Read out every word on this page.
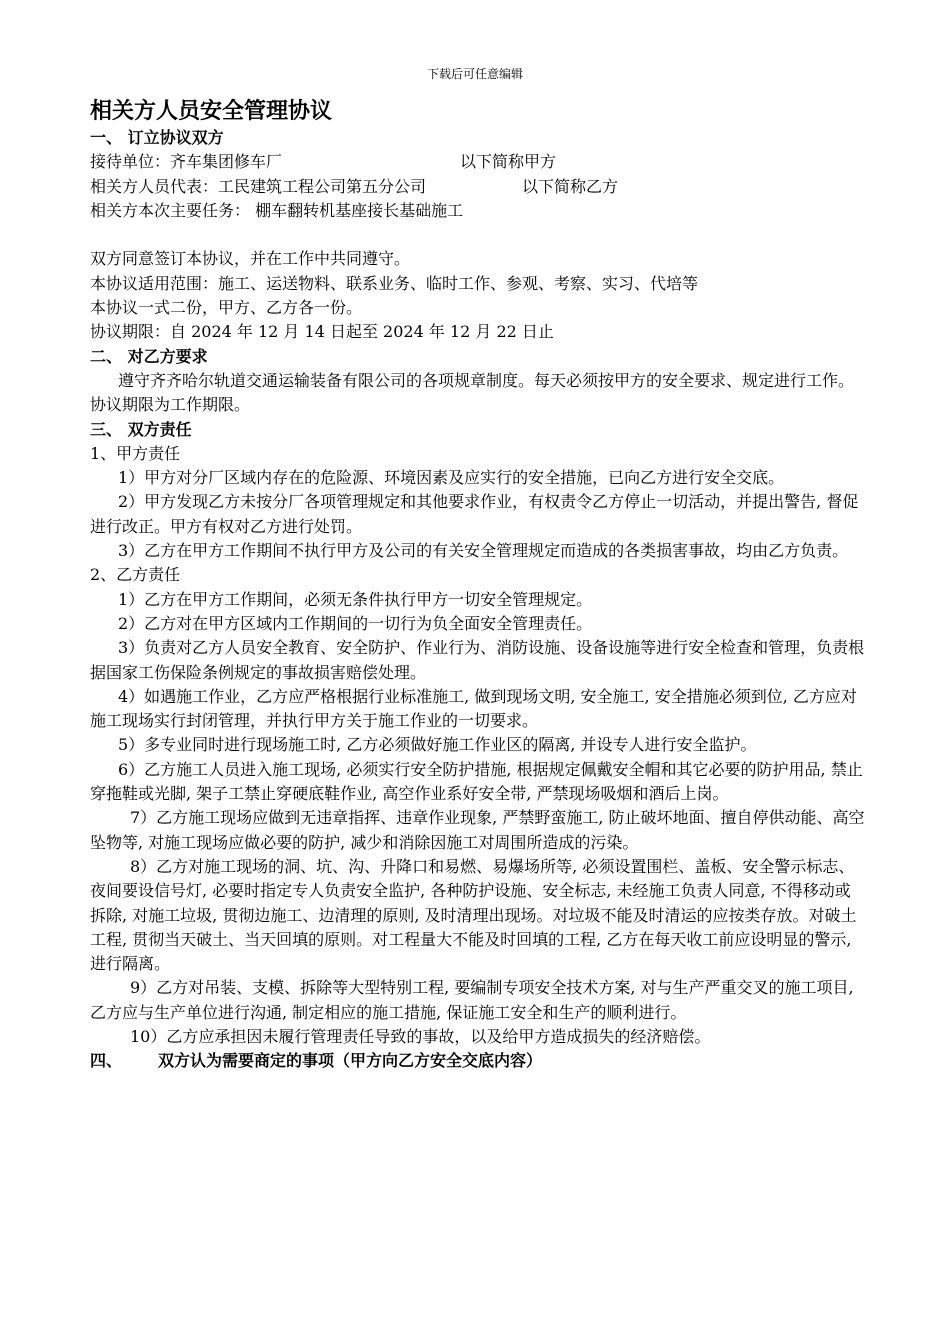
下载后可任意编辑
相关方人员安全管理协议
一、 订立协议双方
接待单位：齐车集团修车厂	以下简称甲方
相关方人员代表：工民建筑工程公司第五分公司	以下简称乙方
相关方本次主要任务： 棚车翻转机基座接长基础施工
双方同意签订本协议，并在工作中共同遵守。
本协议适用范围：施工、运送物料、联系业务、临时工作、参观、考察、实习、代培等
本协议一式二份，甲方、乙方各一份。
协议期限：自 2024 年 12 月 14 日起至 2024 年 12 月 22 日止
二、 对乙方要求
遵守齐齐哈尔轨道交通运输装备有限公司的各项规章制度。每天必须按甲方的安全要求、规定进行工作。协议期限为工作期限。
三、 双方责任
1、甲方责任
1）甲方对分厂区域内存在的危险源、环境因素及应实行的安全措施，已向乙方进行安全交底。
2）甲方发现乙方未按分厂各项管理规定和其他要求作业，有权责令乙方停止一切活动，并提出警告, 督促进行改正。甲方有权对乙方进行处罚。
3）乙方在甲方工作期间不执行甲方及公司的有关安全管理规定而造成的各类损害事故，均由乙方负责。
2、乙方责任
1）乙方在甲方工作期间，必须无条件执行甲方一切安全管理规定。
2）乙方对在甲方区域内工作期间的一切行为负全面安全管理责任。
3）负责对乙方人员安全教育、安全防护、作业行为、消防设施、设备设施等进行安全检查和管理，负责根据国家工伤保险条例规定的事故损害赔偿处理。
4）如遇施工作业，乙方应严格根据行业标准施工, 做到现场文明, 安全施工, 安全措施必须到位, 乙方应对施工现场实行封闭管理，并执行甲方关于施工作业的一切要求。
5）多专业同时进行现场施工时, 乙方必须做好施工作业区的隔离, 并设专人进行安全监护。
6）乙方施工人员进入施工现场, 必须实行安全防护措施, 根据规定佩戴安全帽和其它必要的防护用品, 禁止穿拖鞋或光脚, 架子工禁止穿硬底鞋作业, 高空作业系好安全带, 严禁现场吸烟和酒后上岗。
7）乙方施工现场应做到无违章指挥、违章作业现象, 严禁野蛮施工, 防止破坏地面、擅自停供动能、高空坠物等, 对施工现场应做必要的防护, 减少和消除因施工对周围所造成的污染。
8）乙方对施工现场的洞、坑、沟、升降口和易燃、易爆场所等, 必须设置围栏、盖板、安全警示标志、夜间要设信号灯, 必要时指定专人负责安全监护, 各种防护设施、安全标志, 未经施工负责人同意, 不得移动或拆除, 对施工垃圾, 贯彻边施工、边清理的原则, 及时清理出现场。对垃圾不能及时清运的应按类存放。对破土工程, 贯彻当天破土、当天回填的原则。对工程量大不能及时回填的工程, 乙方在每天收工前应设明显的警示, 进行隔离。
9）乙方对吊装、支模、拆除等大型特别工程, 要编制专项安全技术方案, 对与生产严重交叉的施工项目, 乙方应与生产单位进行沟通, 制定相应的施工措施, 保证施工安全和生产的顺利进行。
10）乙方应承担因未履行管理责任导致的事故，以及给甲方造成损失的经济赔偿。
四、 双方认为需要商定的事项（甲方向乙方安全交底内容）
